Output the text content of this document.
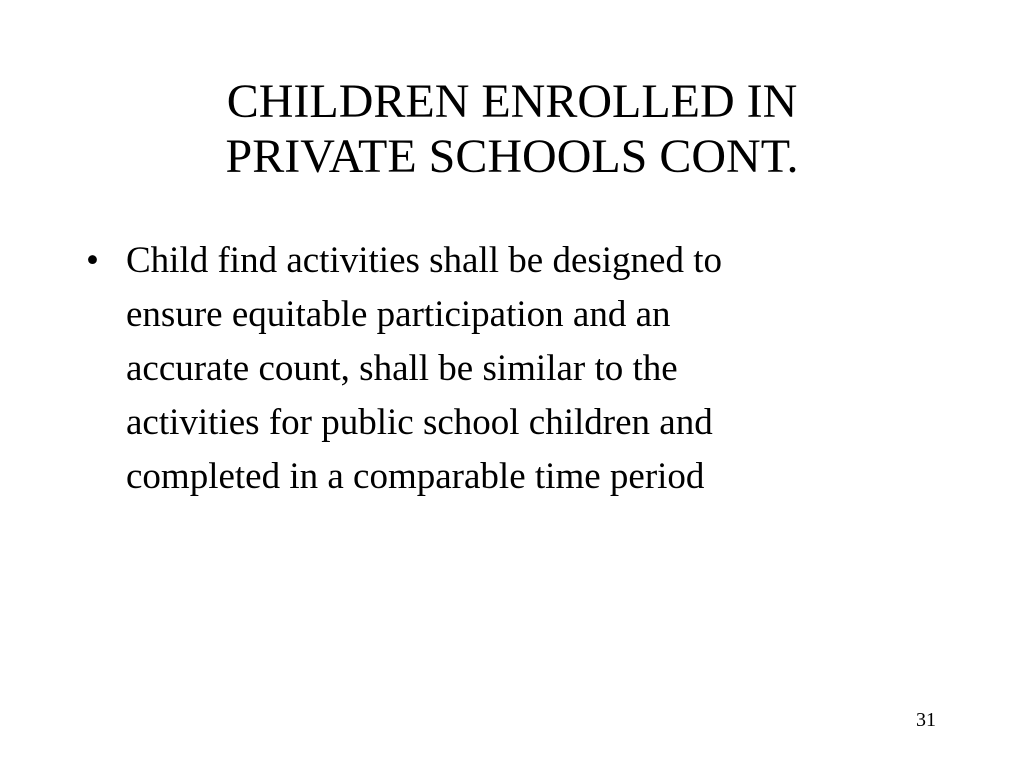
CHILDREN ENROLLED IN
PRIVATE SCHOOLS CONT.
• Child find activities shall be designed to
ensure equitable participation and an
accurate count, shall be similar to the
activities for public school children and
completed in a comparable time period
31
